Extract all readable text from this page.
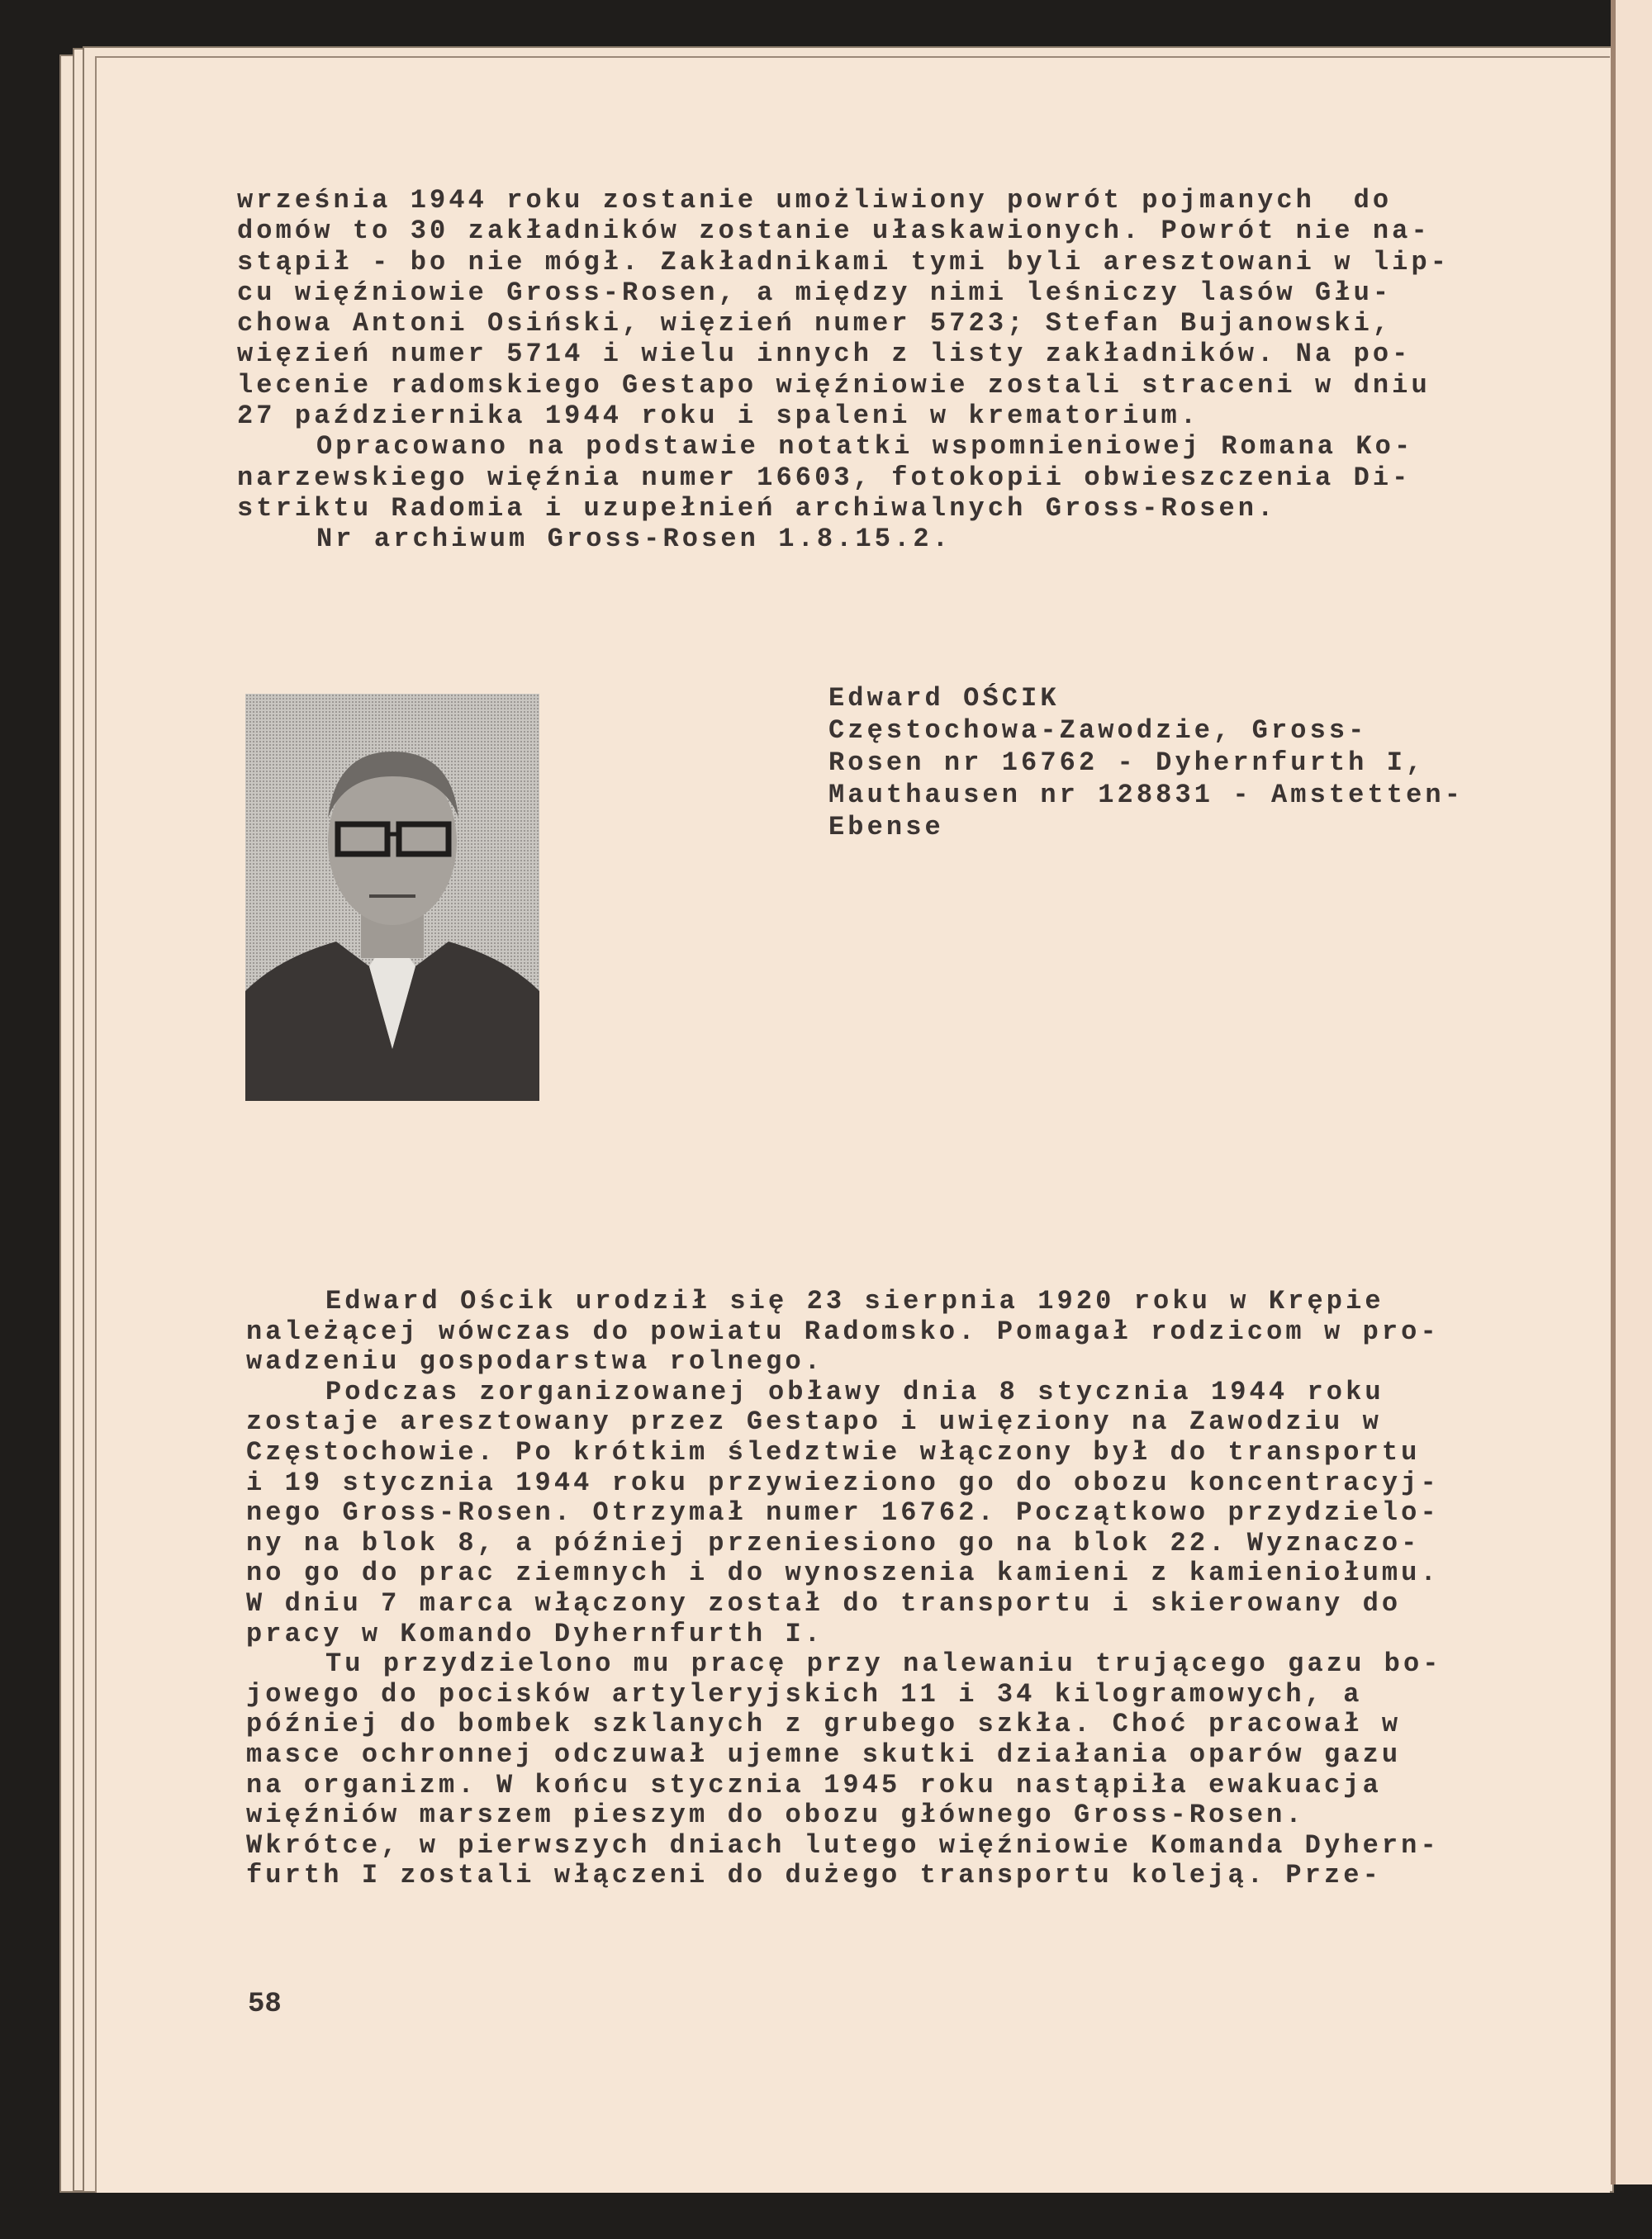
września 1944 roku zostanie umożliwiony powrót pojmanych  do
domów to 30 zakładników zostanie ułaskawionych. Powrót nie na-
stąpił - bo nie mógł. Zakładnikami tymi byli aresztowani w lip-
cu więźniowie Gross-Rosen, a między nimi leśniczy lasów Głu-
chowa Antoni Osiński, więzień numer 5723; Stefan Bujanowski,
więzień numer 5714 i wielu innych z listy zakładników. Na po-
lecenie radomskiego Gestapo więźniowie zostali straceni w dniu
27 października 1944 roku i spaleni w krematorium.
Opracowano na podstawie notatki wspomnieniowej Romana Ko-
narzewskiego więźnia numer 16603, fotokopii obwieszczenia Di-
striktu Radomia i uzupełnień archiwalnych Gross-Rosen.
Nr archiwum Gross-Rosen 1.8.15.2.
Edward OŚCIK
Częstochowa-Zawodzie, Gross-
Rosen nr 16762 - Dyhernfurth I,
Mauthausen nr 128831 - Amstetten-
Ebense
Edward Ościk urodził się 23 sierpnia 1920 roku w Krępie
należącej wówczas do powiatu Radomsko. Pomagał rodzicom w pro-
wadzeniu gospodarstwa rolnego.
Podczas zorganizowanej obławy dnia 8 stycznia 1944 roku
zostaje aresztowany przez Gestapo i uwięziony na Zawodziu w
Częstochowie. Po krótkim śledztwie włączony był do transportu
i 19 stycznia 1944 roku przywieziono go do obozu koncentracyj-
nego Gross-Rosen. Otrzymał numer 16762. Początkowo przydzielo-
ny na blok 8, a później przeniesiono go na blok 22. Wyznaczo-
no go do prac ziemnych i do wynoszenia kamieni z kamieniołumu.
W dniu 7 marca włączony został do transportu i skierowany do
pracy w Komando Dyhernfurth I.
Tu przydzielono mu pracę przy nalewaniu trującego gazu bo-
jowego do pocisków artyleryjskich 11 i 34 kilogramowych, a
później do bombek szklanych z grubego szkła. Choć pracował w
masce ochronnej odczuwał ujemne skutki działania oparów gazu
na organizm. W końcu stycznia 1945 roku nastąpiła ewakuacja
więźniów marszem pieszym do obozu głównego Gross-Rosen.
Wkrótce, w pierwszych dniach lutego więźniowie Komanda Dyhern-
furth I zostali włączeni do dużego transportu koleją. Prze-
58
